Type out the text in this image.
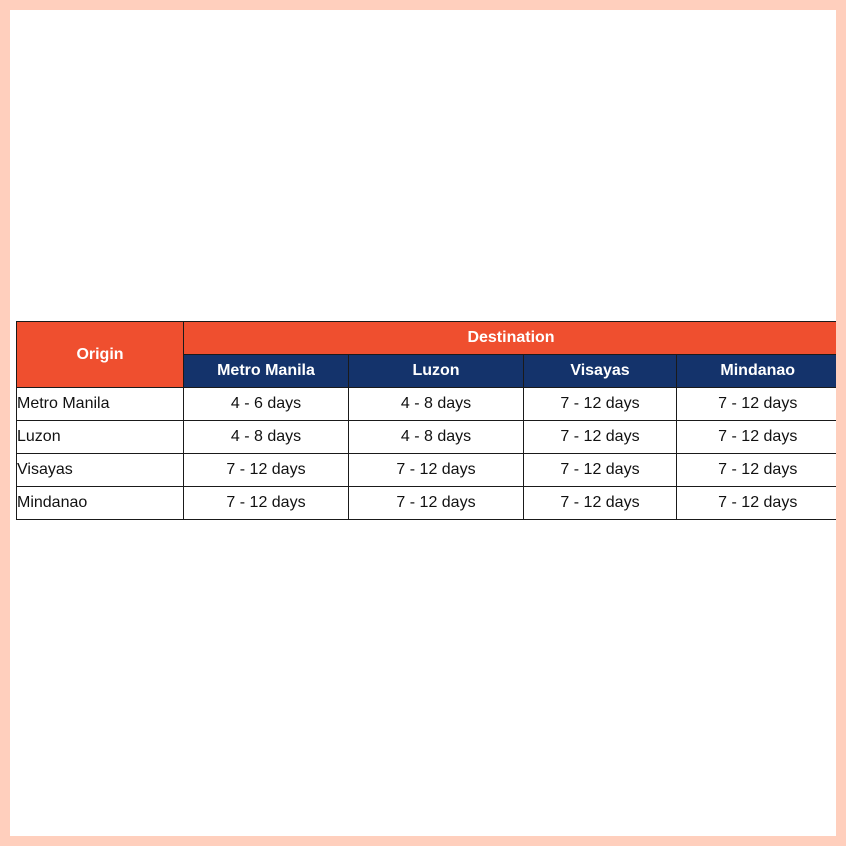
Origin	Destination			
	Metro Manila	Luzon	Visayas	Mindanao
Metro Manila	4 - 6 days	4 - 8 days	7 - 12 days	7 - 12 days
Luzon	4 - 8 days	4 - 8 days	7 - 12 days	7 - 12 days
Visayas	7 - 12 days	7 - 12 days	7 - 12 days	7 - 12 days
Mindanao	7 - 12 days	7 - 12 days	7 - 12 days	7 - 12 days
